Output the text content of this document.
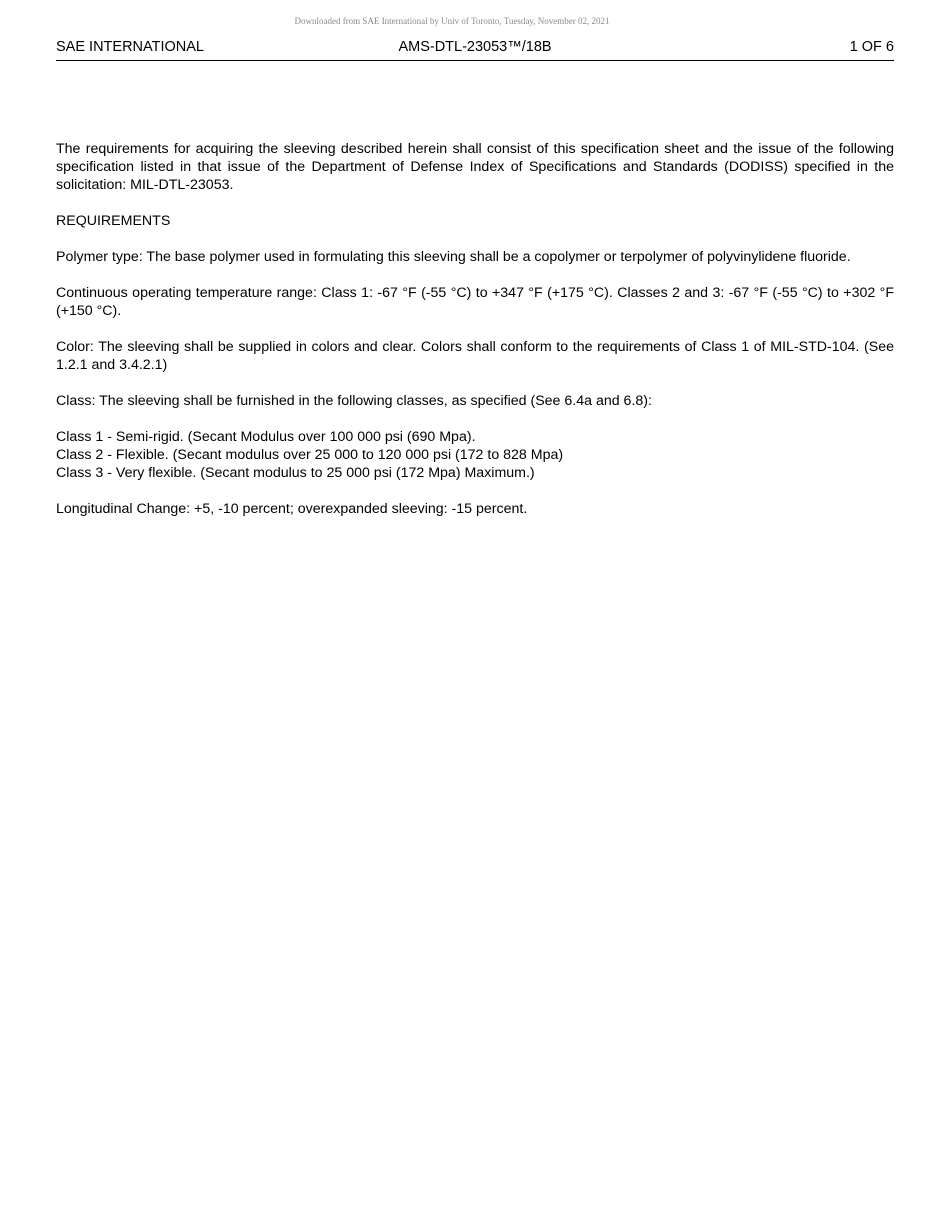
Downloaded from SAE International by Univ of Toronto, Tuesday, November 02, 2021
SAE INTERNATIONAL	AMS-DTL-23053™/18B	1 OF 6

The requirements for acquiring the sleeving described herein shall consist of this specification sheet and the issue of the following specification listed in that issue of the Department of Defense Index of Specifications and Standards (DODISS) specified in the solicitation: MIL-DTL-23053.

REQUIREMENTS

Polymer type: The base polymer used in formulating this sleeving shall be a copolymer or terpolymer of polyvinylidene fluoride.

Continuous operating temperature range: Class 1: -67 °F (-55 °C) to +347 °F (+175 °C). Classes 2 and 3: -67 °F (-55 °C) to +302 °F (+150 °C).

Color: The sleeving shall be supplied in colors and clear. Colors shall conform to the requirements of Class 1 of MIL-STD-104. (See 1.2.1 and 3.4.2.1)

Class: The sleeving shall be furnished in the following classes, as specified (See 6.4a and 6.8):

Class 1 - Semi-rigid. (Secant Modulus over 100 000 psi (690 Mpa).
Class 2 - Flexible. (Secant modulus over 25 000 to 120 000 psi (172 to 828 Mpa)
Class 3 - Very flexible. (Secant modulus to 25 000 psi (172 Mpa) Maximum.)

Longitudinal Change: +5, -10 percent; overexpanded sleeving: -15 percent.
